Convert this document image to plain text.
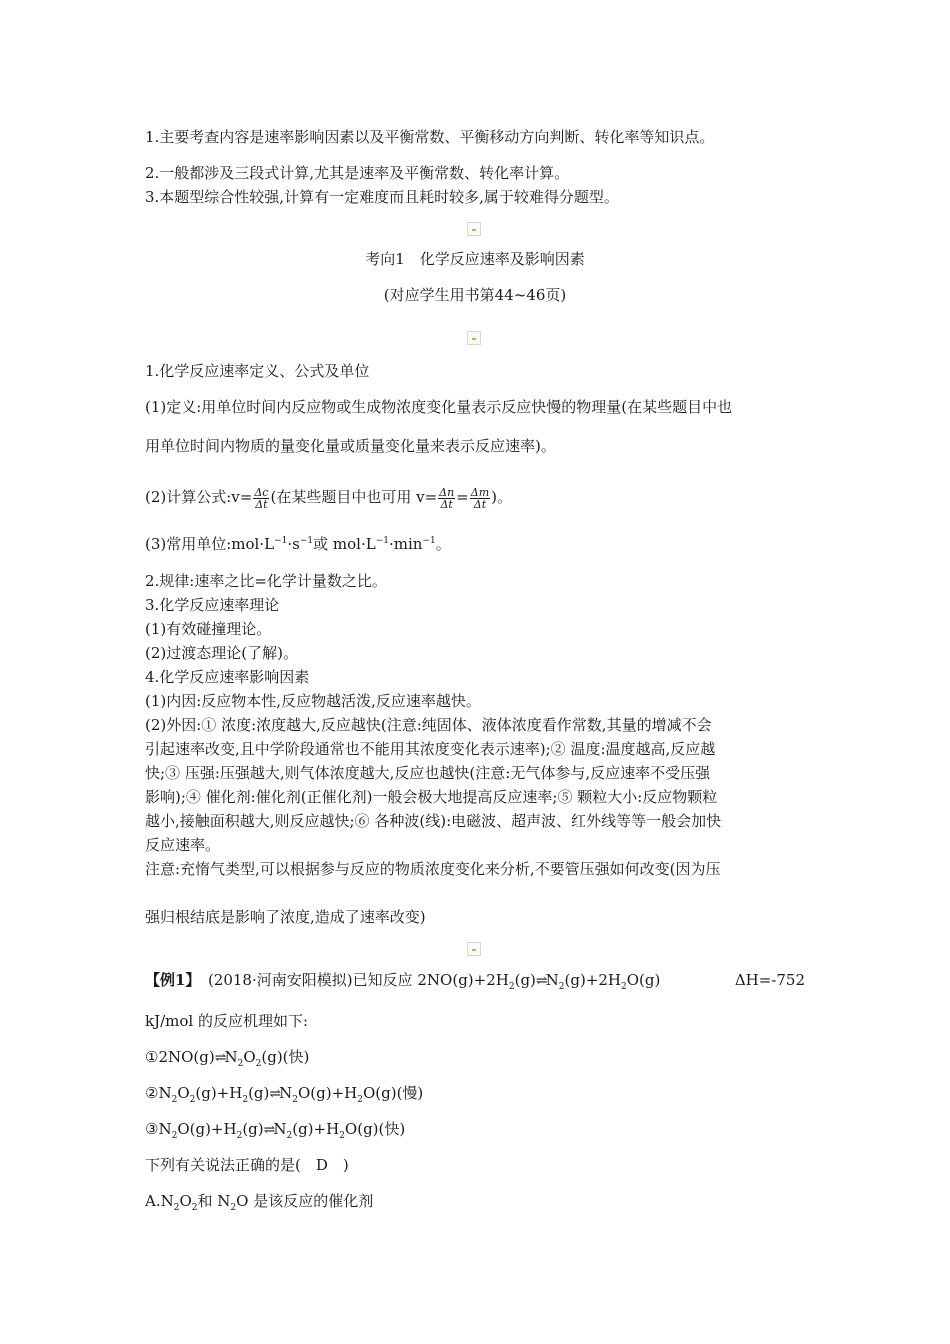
1.主要考查内容是速率影响因素以及平衡常数、平衡移动方向判断、转化率等知识点。
2.一般都涉及三段式计算,尤其是速率及平衡常数、转化率计算。
3.本题型综合性较强,计算有一定难度而且耗时较多,属于较难得分题型。
考向1　化学反应速率及影响因素
(对应学生用书第44~46页)
1.化学反应速率定义、公式及单位
(1)定义:用单位时间内反应物或生成物浓度变化量表示反应快慢的物理量(在某些题目中也
用单位时间内物质的量变化量或质量变化量来表示反应速率)。
(2)计算公式:v= $\frac{\Delta c}{\Delta t}$ (在某些题目中也可用 $v= \frac{\Delta n}{\Delta t} = \frac{\Delta m}{\Delta t}$ )。
(3)常用单位$:mol\cdot L^{-1}\cdot s^{-1}$或 $mol\cdot L^{-1}\cdot\min^{-1}$。
2.规律:速率之比=化学计量数之比。
3.化学反应速率理论
(1)有效碰撞理论。
(2)过渡态理论(了解)。
4.化学反应速率影响因素
(1)内因:反应物本性,反应物越活泼,反应速率越快。
(2)外因:① 浓度:浓度越大,反应越快(注意:纯固体、液体浓度看作常数,其量的增减不会
引起速率改变,且中学阶段通常也不能用其浓度变化表示速率);② 温度:温度越高,反应越
快;③ 压强:压强越大,则气体浓度越大,反应也越快(注意:无气体参与,反应速率不受压强
影响);④ 催化剂:催化剂(正催化剂)一般会极大地提高反应速率;⑤ 颗粒大小:反应物颗粒
越小,接触面积越大,则反应越快;⑥ 各种波(线):电磁波、超声波、红外线等等一般会加快
反应速率。
注意:充惰气类型,可以根据参与反应的物质浓度变化来分析,不要管压强如何改变(因为压
强归根结底是影响了浓度,造成了速率改变)
【例1】　 (2018·河南安阳模拟)已知反应 $2NO(g)+2H_2(g)\rightleftharpoons N_2(g)+2H_2O(g)$	ΔH=-752
kJ/mol 的反应机理如下:
$①2NO(g)\rightleftharpoons N_2O_2(g)$(快)
$②N_2O_2(g)+H_2(g)\rightleftharpoons N_2O(g)+H_2O(g)$(慢)
$③N_2O(g)+H_2(g)\rightleftharpoons N_2(g)+H_2O(g)$(快)
下列有关说法正确的是(　D　)
$A.N_2O_2$和 $N_2O$ 是该反应的催化剂
